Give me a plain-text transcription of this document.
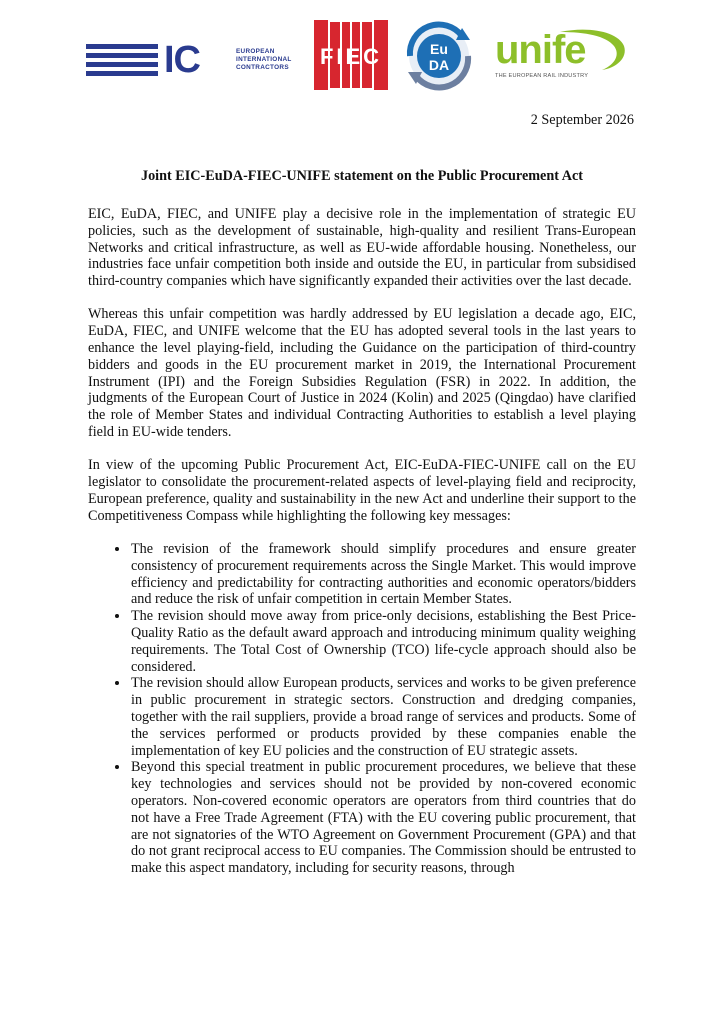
IC	EUROPEAN
INTERNATIONAL
CONTRACTORS FIEC	Eu
DA unife
THE EUROPEAN RAIL INDUSTRY
2 September 2026
Joint EIC-EuDA-FIEC-UNIFE statement on the Public Procurement Act

EIC, EuDA, FIEC, and UNIFE play a decisive role in the implementation of strategic EU policies, such as the development of sustainable, high-quality and resilient Trans-European Networks and critical infrastructure, as well as EU-wide affordable housing. Nonetheless, our industries face unfair competition both inside and outside the EU, in particular from subsidised third-country companies which have significantly expanded their activities over the last decade.

Whereas this unfair competition was hardly addressed by EU legislation a decade ago, EIC, EuDA, FIEC, and UNIFE welcome that the EU has adopted several tools in the last years to enhance the level playing-field, including the Guidance on the participation of third-country bidders and goods in the EU procurement market in 2019, the International Procurement Instrument (IPI) and the Foreign Subsidies Regulation (FSR) in 2022. In addition, the judgments of the European Court of Justice in 2024 (Kolin) and 2025 (Qingdao) have clarified the role of Member States and individual Contracting Authorities to establish a level playing field in EU-wide tenders.

In view of the upcoming Public Procurement Act, EIC-EuDA-FIEC-UNIFE call on the EU legislator to consolidate the procurement-related aspects of level-playing field and reciprocity, European preference, quality and sustainability in the new Act and underline their support to the Competitiveness Compass while highlighting the following key messages:

• The revision of the framework should simplify procedures and ensure greater consistency of procurement requirements across the Single Market. This would improve efficiency and predictability for contracting authorities and economic operators/bidders and reduce the risk of unfair competition in certain Member States.
• The revision should move away from price-only decisions, establishing the Best Price-Quality Ratio as the default award approach and introducing minimum quality weighing requirements. The Total Cost of Ownership (TCO) life-cycle approach should also be considered.
• The revision should allow European products, services and works to be given preference in public procurement in strategic sectors. Construction and dredging companies, together with the rail suppliers, provide a broad range of services and products. Some of the services performed or products provided by these companies enable the implementation of key EU policies and the construction of EU strategic assets.
• Beyond this special treatment in public procurement procedures, we believe that these key technologies and services should not be provided by non-covered economic operators. Non-covered economic operators are operators from third countries that do not have a Free Trade Agreement (FTA) with the EU covering public procurement, that are not signatories of the WTO Agreement on Government Procurement (GPA) and that do not grant reciprocal access to EU companies. The Commission should be entrusted to make this aspect mandatory, including for security reasons, through
